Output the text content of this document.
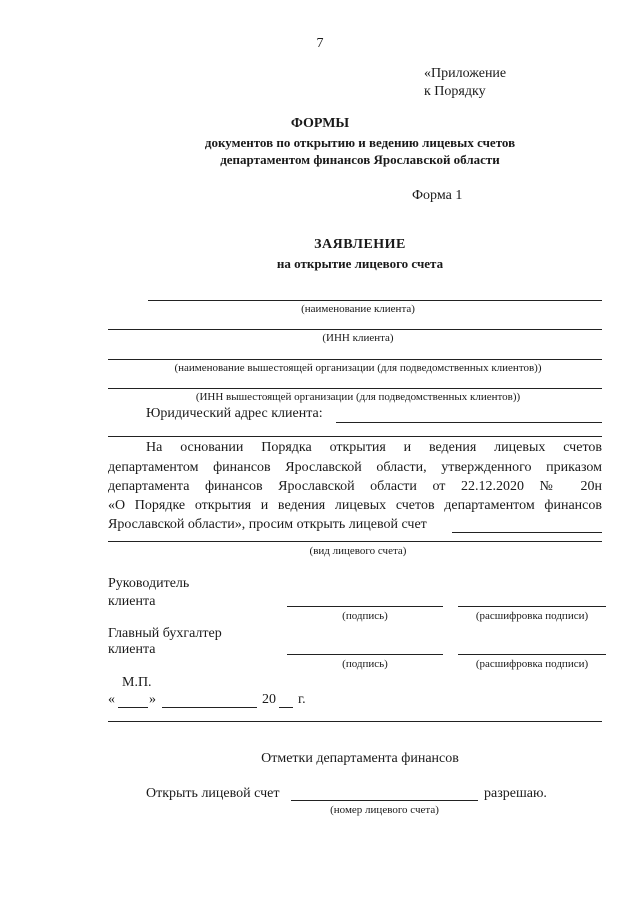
7
«Приложение
к Порядку
ФОРМЫ
документов по открытию и ведению лицевых счетов
департаментом финансов Ярославской области
Форма 1
ЗАЯВЛЕНИЕ
на открытие лицевого счета
(наименование клиента)
(ИНН клиента)
(наименование вышестоящей организации (для подведомственных клиентов))
(ИНН вышестоящей организации (для подведомственных клиентов))
Юридический адрес клиента:
На основании Порядка открытия и ведения лицевых счетов
департаментом финансов Ярославской области, утвержденного приказом
департамента финансов Ярославской области от 22.12.2020 № 20н
«О Порядке открытия и ведения лицевых счетов департаментом финансов
Ярославской области», просим открыть лицевой счет
(вид лицевого счета)
Руководитель
клиента
(подпись)	(расшифровка подписи)
Главный бухгалтер
клиента
(подпись)	(расшифровка подписи)
М.П.
« »	20 г.
Отметки департамента финансов
Открыть лицевой счет	разрешаю.
(номер лицевого счета)
